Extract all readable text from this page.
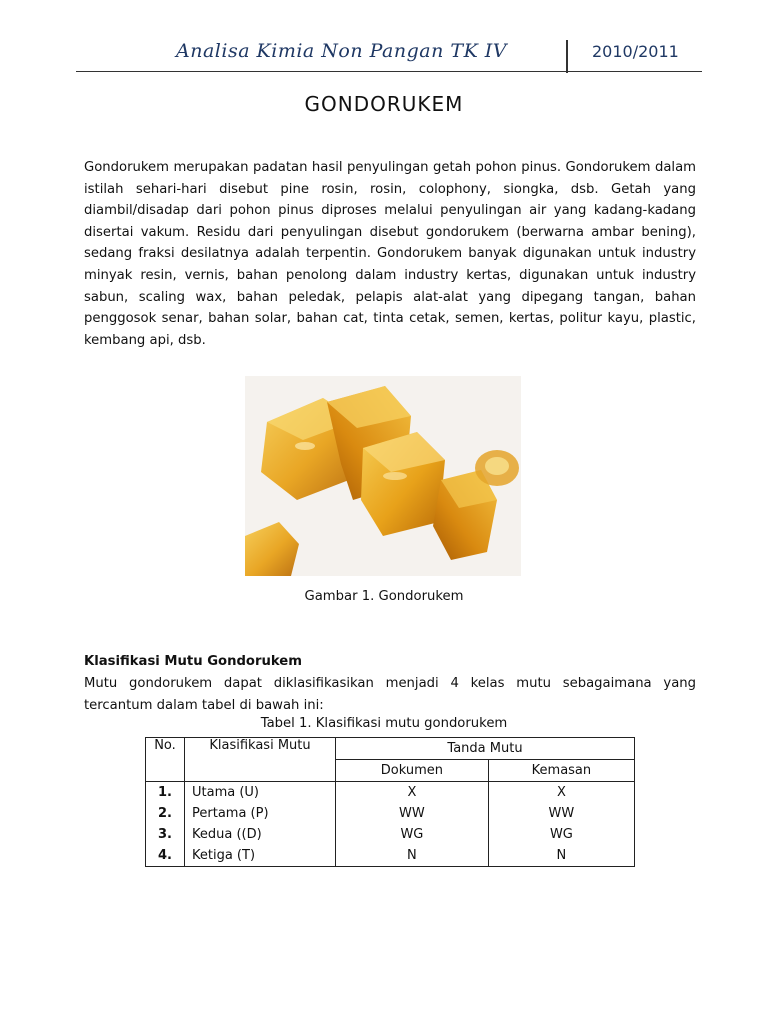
Analisa Kimia Non Pangan TK IV	2010/2011
GONDORUKEM

Gondorukem merupakan padatan hasil penyulingan getah pohon pinus. Gondorukem dalam istilah sehari-hari disebut pine rosin, rosin, colophony, siongka, dsb. Getah yang diambil/disadap dari pohon pinus diproses melalui penyulingan air yang kadang-kadang disertai vakum. Residu dari penyulingan disebut gondorukem (berwarna ambar bening), sedang fraksi desilatnya adalah terpentin. Gondorukem banyak digunakan untuk industry minyak resin, vernis, bahan penolong dalam industry kertas, digunakan untuk industry sabun, scaling wax, bahan peledak, pelapis alat-alat yang dipegang tangan, bahan penggosok senar, bahan solar, bahan cat, tinta cetak, semen, kertas, politur kayu, plastic, kembang api, dsb.

Gambar 1. Gondorukem
Klasifikasi Mutu Gondorukem

Mutu gondorukem dapat diklasifikasikan menjadi 4 kelas mutu sebagaimana yang tercantum dalam tabel di bawah ini:

Tabel 1. Klasifikasi mutu gondorukem
No.	Klasifikasi Mutu	Tanda Mutu	
		Dokumen	Kemasan
1.	Utama (U)	X	X
2.	Pertama (P)	WW	WW
3.	Kedua ((D)	WG	WG
4.	Ketiga (T)	N	N
